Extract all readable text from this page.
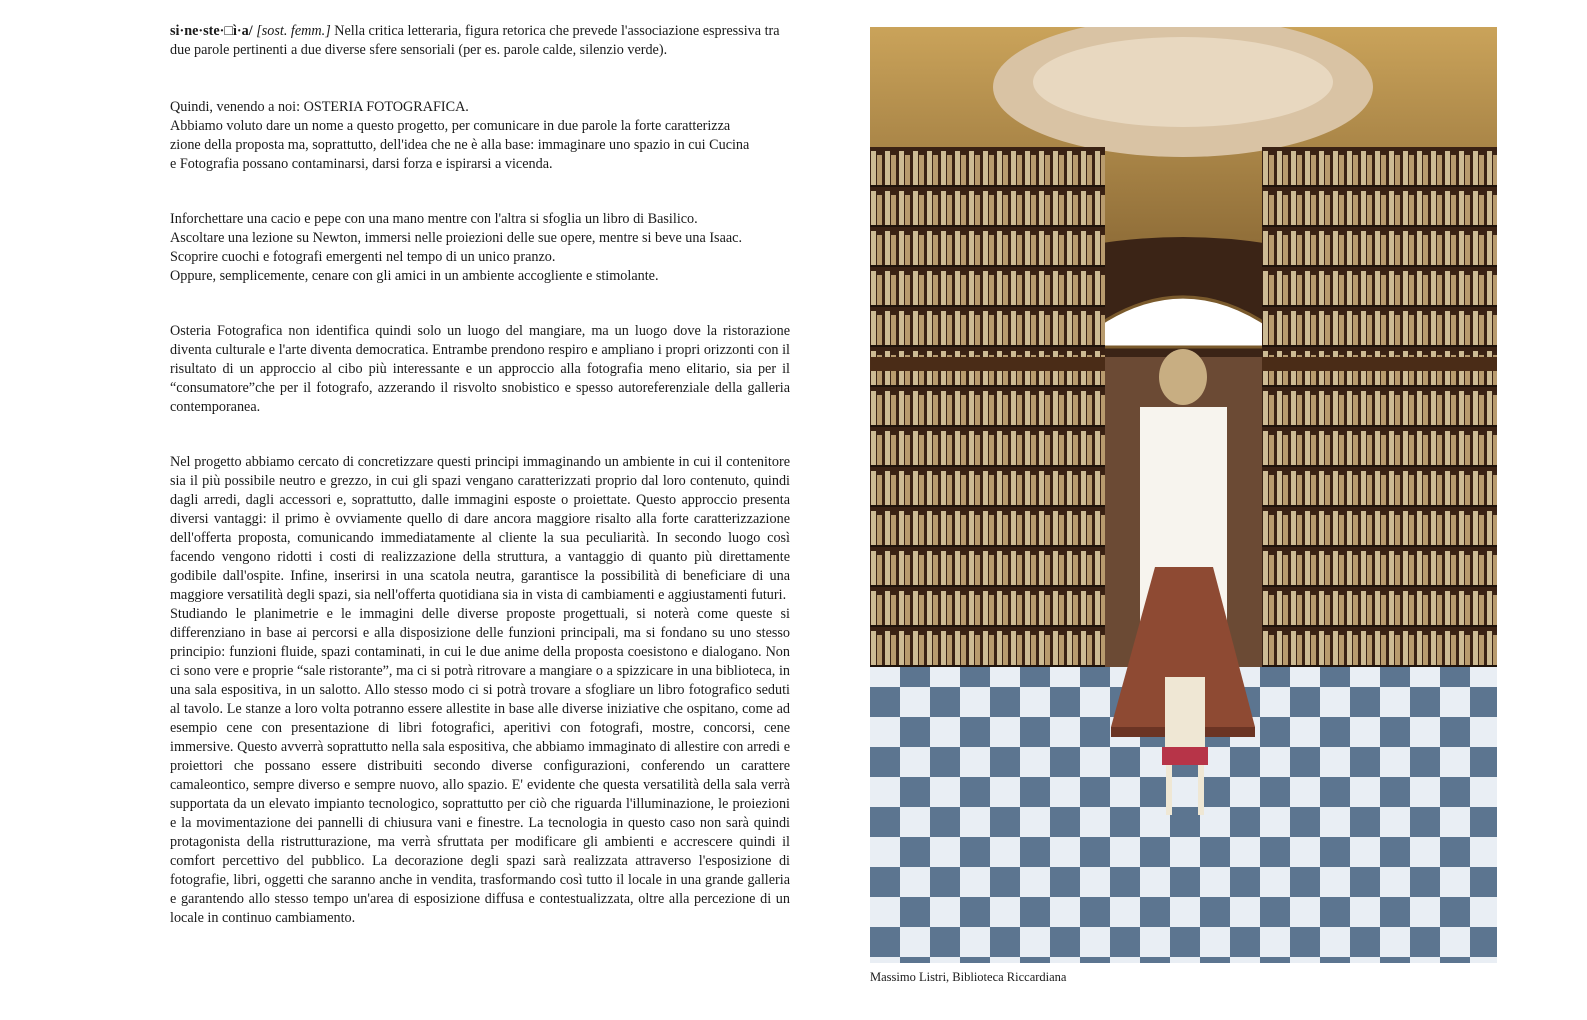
si·ne·ste·□ì·a/ [sost. femm.] Nella critica letteraria, figura retorica che prevede l'associazione espressiva tra due parole pertinenti a due diverse sfere sensoriali (per es. parole calde, silenzio verde).

Quindi, venendo a noi: OSTERIA FOTOGRAFICA.

Abbiamo voluto dare un nome a questo progetto, per comunicare in due parole la forte caratterizza

zione della proposta ma, soprattutto, dell'idea che ne è alla base: immaginare uno spazio in cui Cucina

e Fotografia possano contaminarsi, darsi forza e ispirarsi a vicenda.

Inforchettare una cacio e pepe con una mano mentre con l'altra si sfoglia un libro di Basilico.

Ascoltare una lezione su Newton, immersi nelle proiezioni delle sue opere, mentre si beve una Isaac.

Scoprire cuochi e fotografi emergenti nel tempo di un unico pranzo.

Oppure, semplicemente, cenare con gli amici in un ambiente accogliente e stimolante.

Osteria Fotografica non identifica quindi solo un luogo del mangiare, ma un luogo dove la ristorazione diventa culturale e l'arte diventa democratica. Entrambe prendono respiro e ampliano i propri orizzonti con il risultato di un approccio al cibo più interessante e un approccio alla fotografia meno elitario, sia per il “consumatore”che per il fotografo, azzerando il risvolto snobistico e spesso autoreferenziale della galleria contemporanea.

Nel progetto abbiamo cercato di concretizzare questi principi immaginando un ambiente in cui il contenitore sia il più possibile neutro e grezzo, in cui gli spazi vengano caratterizzati proprio dal loro contenuto, quindi dagli arredi, dagli accessori e, soprattutto, dalle immagini esposte o proiettate. Questo approccio presenta diversi vantaggi: il primo è ovviamente quello di dare ancora maggiore risalto alla forte caratterizzazione dell'offerta proposta, comunicando immediatamente al cliente la sua peculiarità. In secondo luogo così facendo vengono ridotti i costi di realizzazione della struttura, a vantaggio di quanto più direttamente godibile dall'ospite. Infine, inserirsi in una scatola neutra, garantisce la possibilità di beneficiare di una maggiore versatilità degli spazi, sia nell'offerta quotidiana sia in vista di cambiamenti e aggiustamenti futuri.

Studiando le planimetrie e le immagini delle diverse proposte progettuali, si noterà come queste si differenziano in base ai percorsi e alla disposizione delle funzioni principali, ma si fondano su uno stesso principio: funzioni fluide, spazi contaminati, in cui le due anime della proposta coesistono e dialogano. Non ci sono vere e proprie “sale ristorante”, ma ci si potrà ritrovare a mangiare o a spizzicare in una biblioteca, in una sala espositiva, in un salotto. Allo stesso modo ci si potrà trovare a sfogliare un libro fotografico seduti al tavolo. Le stanze a loro volta potranno essere allestite in base alle diverse iniziative che ospitano, come ad esempio cene con presentazione di libri fotografici, aperitivi con fotografi, mostre, concorsi, cene immersive. Questo avverrà soprattutto nella sala espositiva, che abbiamo immaginato di allestire con arredi e proiettori che possano essere distribuiti secondo diverse configurazioni, conferendo un carattere camaleontico, sempre diverso e sempre nuovo, allo spazio. E' evidente che questa versatilità della sala verrà supportata da un elevato impianto tecnologico, soprattutto per ciò che riguarda l'illuminazione, le proiezioni e la movimentazione dei pannelli di chiusura vani e finestre. La tecnologia in questo caso non sarà quindi protagonista della ristrutturazione, ma verrà sfruttata per modificare gli ambienti e accrescere quindi il comfort percettivo del pubblico. La decorazione degli spazi sarà realizzata attraverso l'esposizione di fotografie, libri, oggetti che saranno anche in vendita, trasformando così tutto il locale in una grande galleria e garantendo allo stesso tempo un'area di esposizione diffusa e contestualizzata, oltre alla percezione di un locale in continuo cambiamento.

Massimo Listri, Biblioteca Riccardiana
